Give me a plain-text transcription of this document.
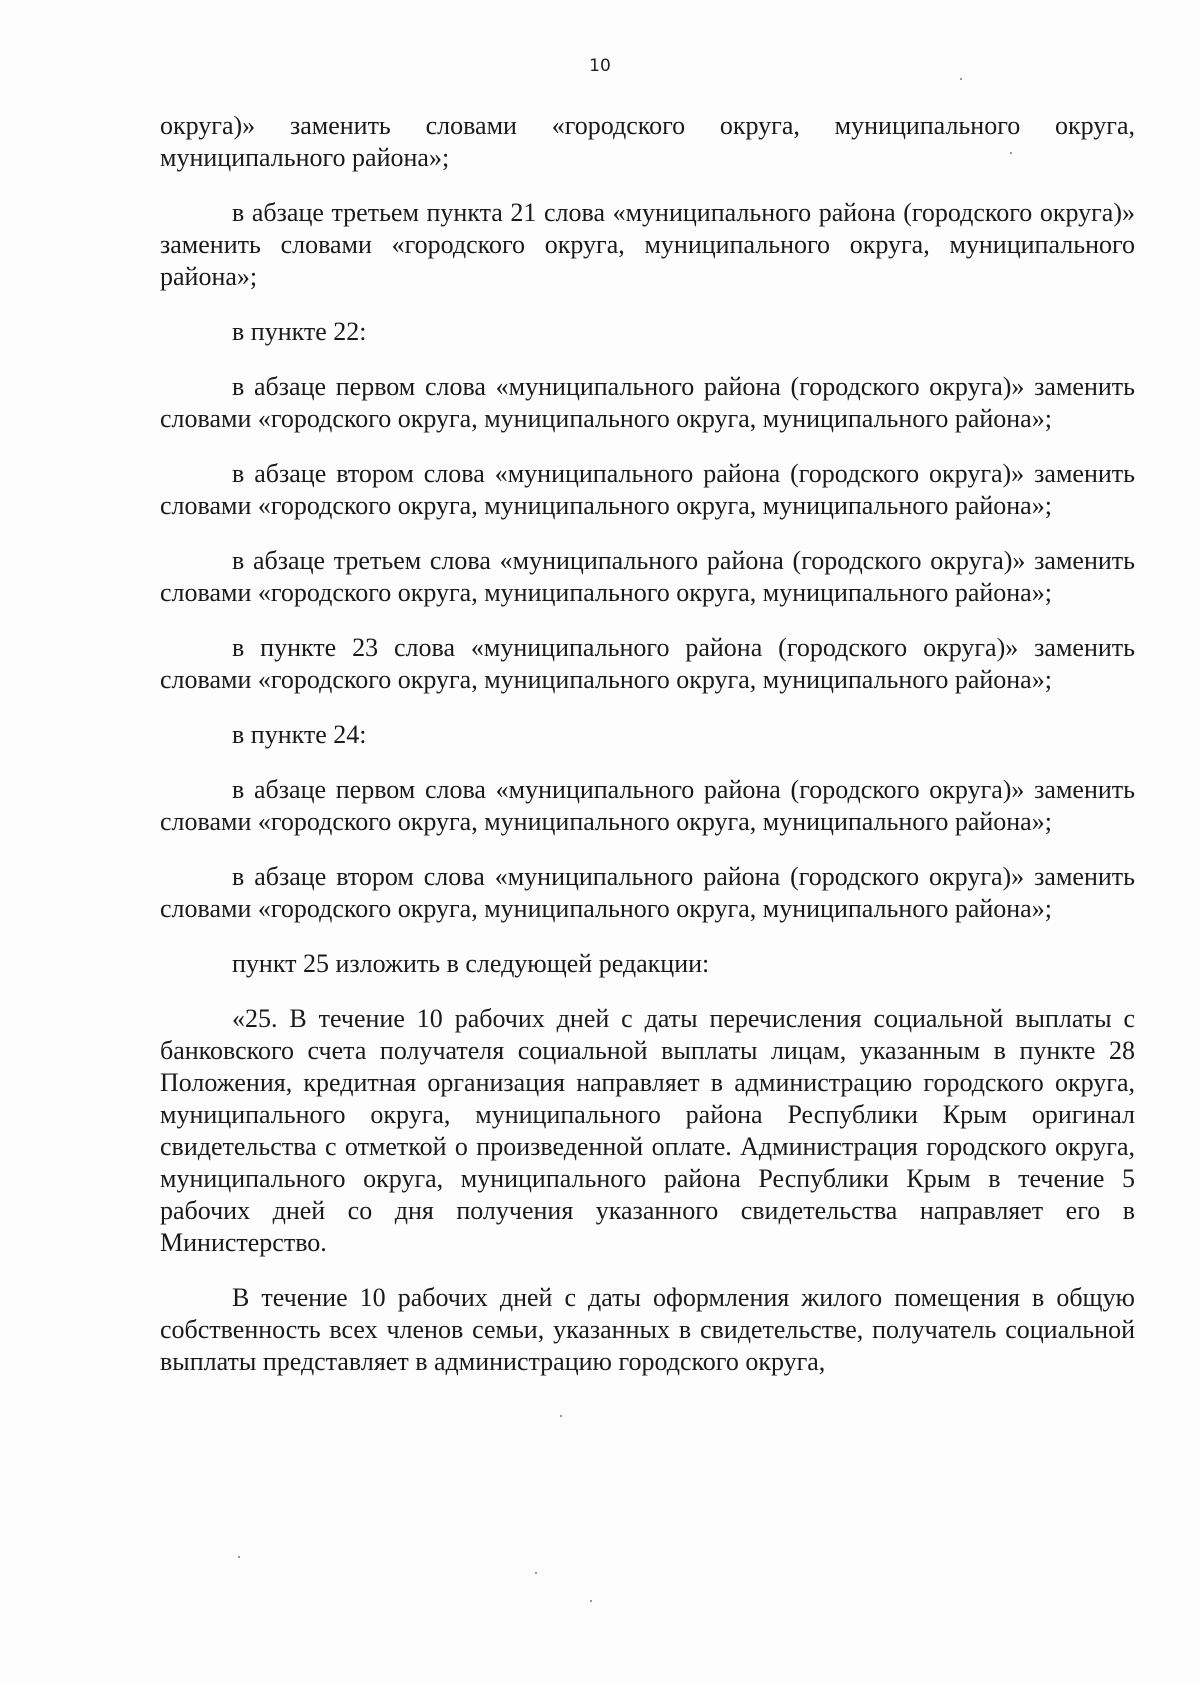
10

округа)» заменить словами «городского округа, муниципального округа, муниципального района»;

в абзаце третьем пункта 21 слова «муниципального района (городского округа)» заменить словами «городского округа, муниципального округа, муниципального района»;

в пункте 22:

в абзаце первом слова «муниципального района (городского округа)» заменить словами «городского округа, муниципального округа, муниципального района»;

в абзаце втором слова «муниципального района (городского округа)» заменить словами «городского округа, муниципального округа, муниципального района»;

в абзаце третьем слова «муниципального района (городского округа)» заменить словами «городского округа, муниципального округа, муниципального района»;

в пункте 23 слова «муниципального района (городского округа)» заменить словами «городского округа, муниципального округа, муниципального района»;

в пункте 24:

в абзаце первом слова «муниципального района (городского округа)» заменить словами «городского округа, муниципального округа, муниципального района»;

в абзаце втором слова «муниципального района (городского округа)» заменить словами «городского округа, муниципального округа, муниципального района»;

пункт 25 изложить в следующей редакции:

«25. В течение 10 рабочих дней с даты перечисления социальной выплаты с банковского счета получателя социальной выплаты лицам, указанным в пункте 28 Положения, кредитная организация направляет в администрацию городского округа, муниципального округа, муниципального района Республики Крым оригинал свидетельства с отметкой о произведенной оплате. Администрация городского округа, муниципального округа, муниципального района Республики Крым в течение 5 рабочих дней со дня получения указанного свидетельства направляет его в Министерство.

В течение 10 рабочих дней с даты оформления жилого помещения в общую собственность всех членов семьи, указанных в свидетельстве, получатель социальной выплаты представляет в администрацию городского округа,
